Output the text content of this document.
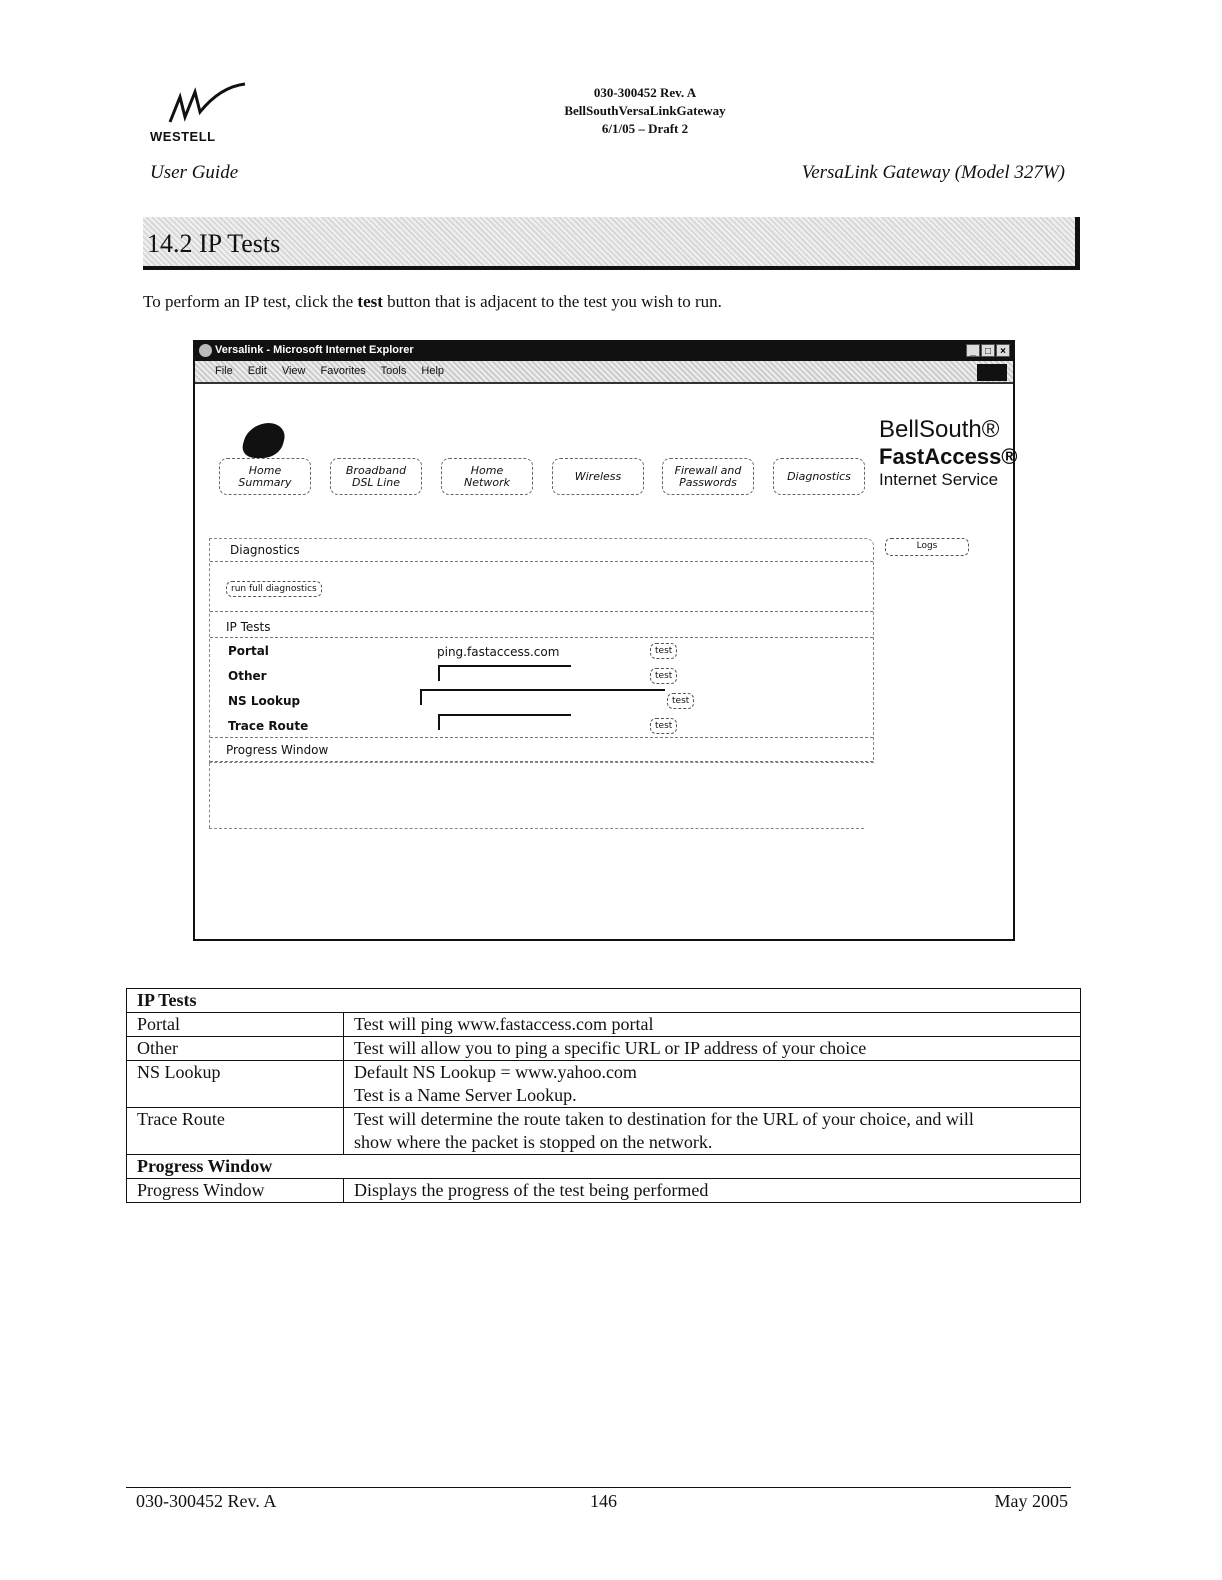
WESTELL
030-300452 Rev. A
BellSouthVersaLinkGateway
6/1/05 – Draft 2
User Guide	VersaLink Gateway (Model 327W)
14.2 IP Tests
To perform an IP test, click the test button that is adjacent to the test you wish to run.
Versalink - Microsoft Internet Explorer	_ □ ×
File Edit View Favorites Tools Help
Home
Summary
Broadband
DSL Line
Home
Network	Wireless	Firewall and
Passwords	Diagnostics
BellSouth®
FastAccess®
Internet Service
Logs
Diagnostics
run full diagnostics
IP Tests
Portal	ping.fastaccess.com	test
Other	test
NS Lookup	test
Trace Route	test
Progress Window
IP Tests	
Portal	Test will ping www.fastaccess.com portal
Other	Test will allow you to ping a specific URL or IP address of your choice
NS Lookup	Default NS Lookup = www.yahoo.com
Test is a Name Server Lookup.

Trace Route	Test will determine the route taken to destination for the URL of your choice, and will
show where the packet is stopped on the network.

Progress Window	
Progress Window	Displays the progress of the test being performed
030-300452 Rev. A	146	May 2005
